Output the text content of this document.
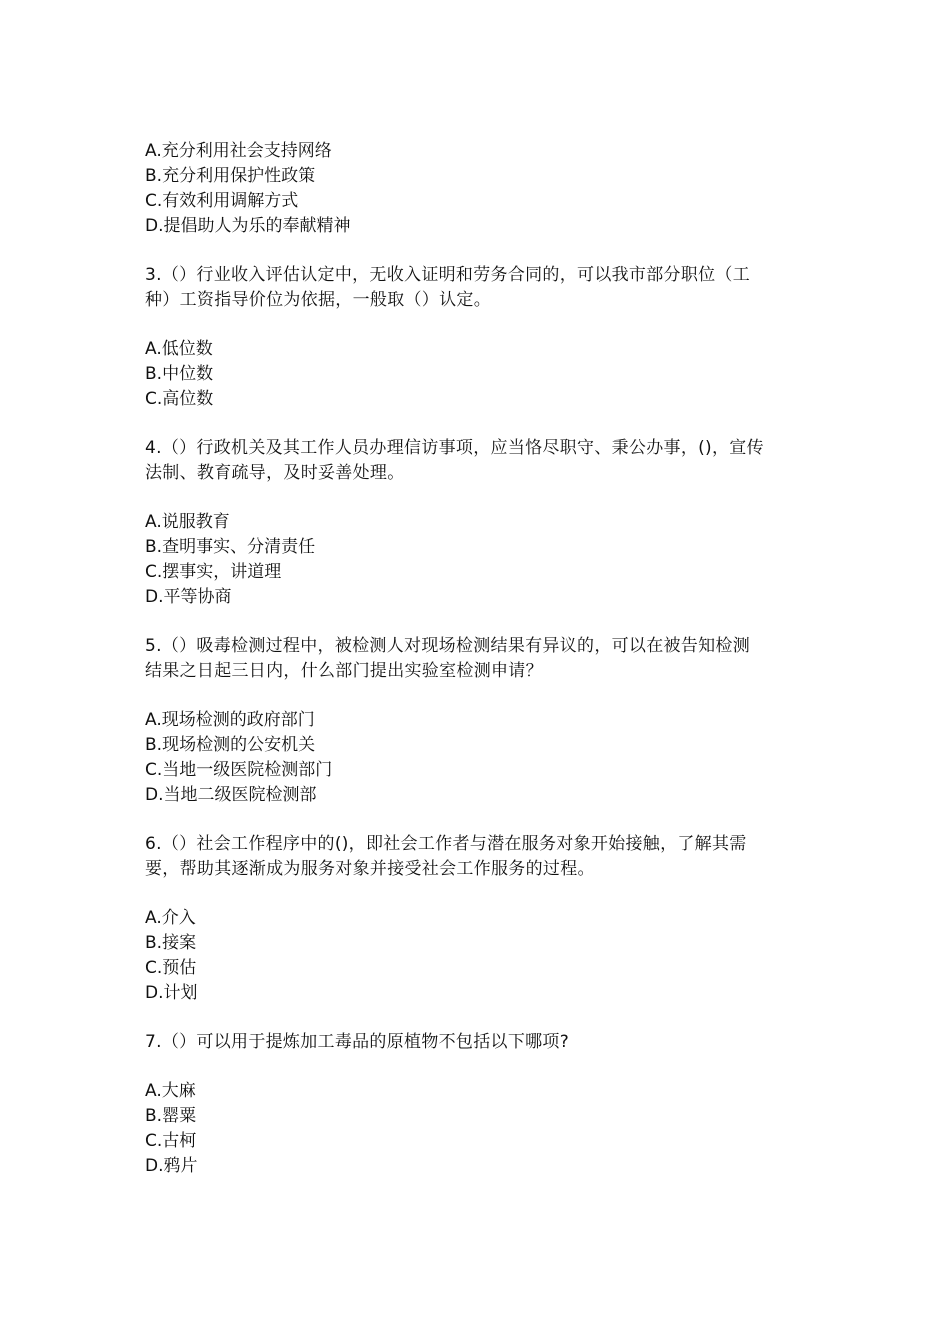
A.充分利用社会支持网络
B.充分利用保护性政策
C.有效利用调解方式
D.提倡助人为乐的奉献精神
3.（）行业收入评估认定中，无收入证明和劳务合同的，可以我市部分职位（工
种）工资指导价位为依据，一般取（）认定。
A.低位数
B.中位数
C.高位数
4.（）行政机关及其工作人员办理信访事项，应当恪尽职守、秉公办事，()，宣传
法制、教育疏导，及时妥善处理。
A.说服教育
B.查明事实、分清责任
C.摆事实，讲道理
D.平等协商
5.（）吸毒检测过程中，被检测人对现场检测结果有异议的，可以在被告知检测
结果之日起三日内，什么部门提出实验室检测申请？
A.现场检测的政府部门
B.现场检测的公安机关
C.当地一级医院检测部门
D.当地二级医院检测部
6.（）社会工作程序中的()，即社会工作者与潜在服务对象开始接触，了解其需
要，帮助其逐渐成为服务对象并接受社会工作服务的过程。
A.介入
B.接案
C.预估
D.计划
7.（）可以用于提炼加工毒品的原植物不包括以下哪项?
A.大麻
B.罂粟
C.古柯
D.鸦片
